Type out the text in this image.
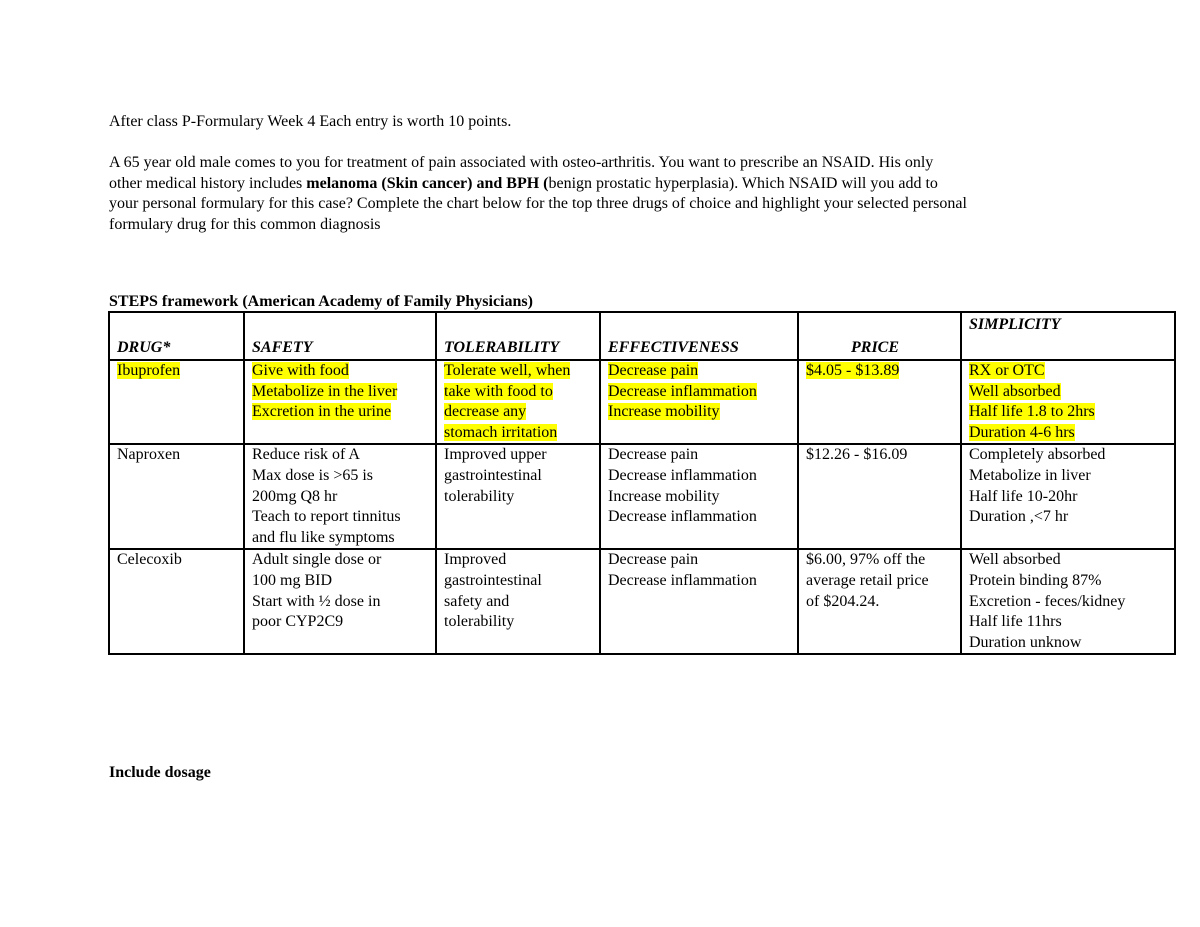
After class P-Formulary Week 4 Each entry is worth 10 points.
A 65 year old male comes to you for treatment of pain associated with osteo-arthritis. You want to prescribe an NSAID. His only
other medical history includes melanoma (Skin cancer) and BPH (benign prostatic hyperplasia). Which NSAID will you add to
your personal formulary for this case? Complete the chart below for the top three drugs of choice and highlight your selected personal
formulary drug for this common diagnosis
STEPS framework (American Academy of Family Physicians)
DRUG*	SAFETY	TOLERABILITY	EFFECTIVENESS	PRICE	SIMPLICITY

Ibuprofen	Give with food
Metabolize in the liver
Excretion in the urine	Tolerate well, when
take with food to
decrease any
stomach irritation	Decrease pain
Decrease inflammation
Increase mobility	$4.05 - $13.89	RX or OTC
Well absorbed
Half life 1.8 to 2hrs
Duration 4-6 hrs

Naproxen	Reduce risk of A
Max dose is >65 is
200mg Q8 hr
Teach to report tinnitus
and flu like symptoms	Improved upper
gastrointestinal
tolerability	Decrease pain
Decrease inflammation
Increase mobility
Decrease inflammation	$12.26 - $16.09	Completely absorbed
Metabolize in liver
Half life 10-20hr
Duration ,<7 hr

Celecoxib	Adult single dose or
100 mg BID
Start with ½ dose in
poor CYP2C9	Improved
gastrointestinal
safety and
tolerability	Decrease pain
Decrease inflammation	$6.00, 97% off the
average retail price
of $204.24.	Well absorbed
Protein binding 87%
Excretion - feces/kidney
Half life 11hrs
Duration unknow
Include dosage
